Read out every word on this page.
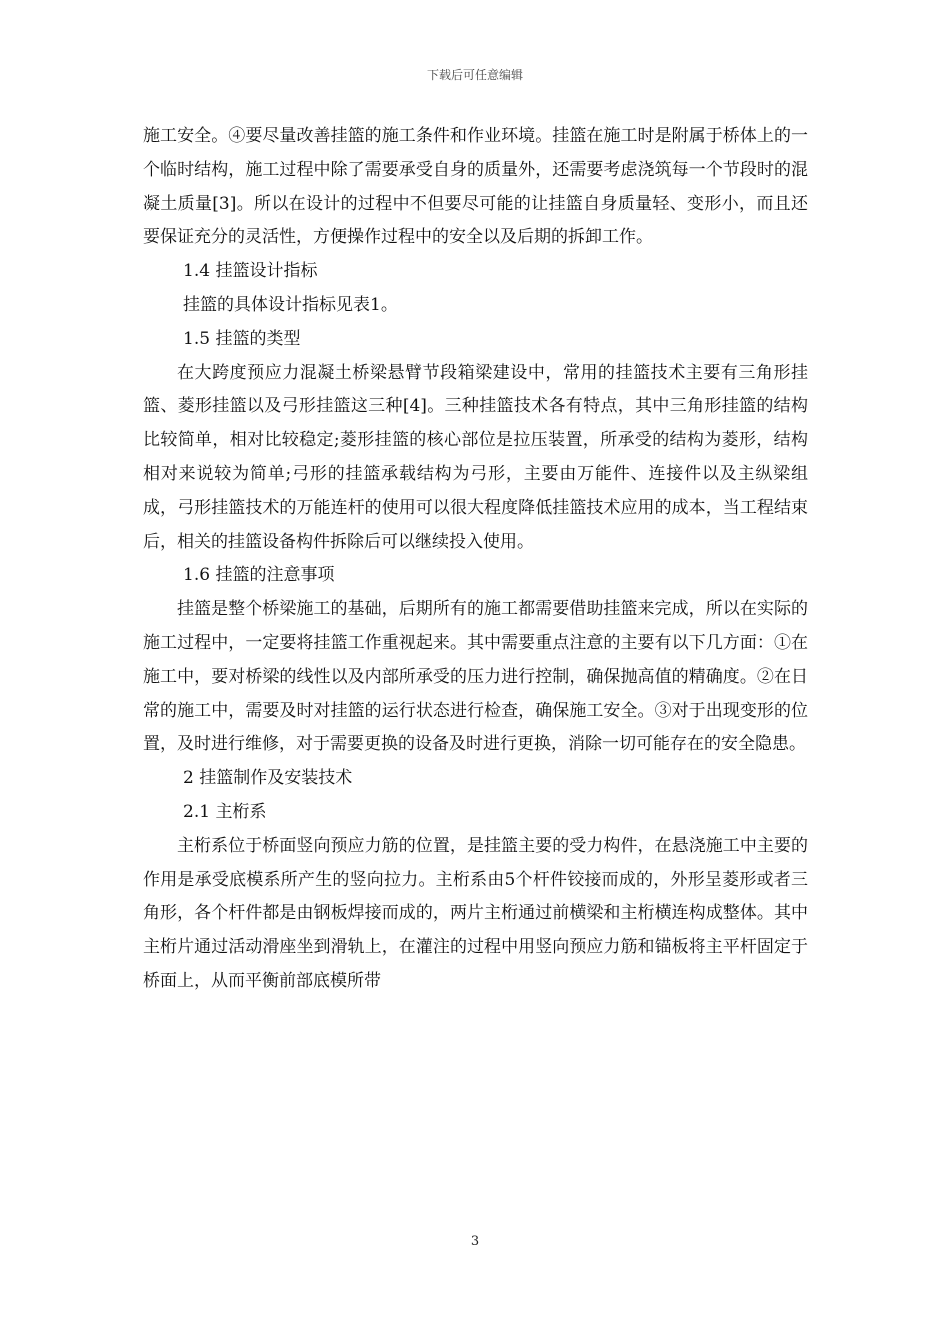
下载后可任意编辑

施工安全。④要尽量改善挂篮的施工条件和作业环境。挂篮在施工时是附属于桥体上的一个临时结构，施工过程中除了需要承受自身的质量外，还需要考虑浇筑每一个节段时的混凝土质量[3]。所以在设计的过程中不但要尽可能的让挂篮自身质量轻、变形小，而且还要保证充分的灵活性，方便操作过程中的安全以及后期的拆卸工作。

1.4 挂篮设计指标

挂篮的具体设计指标见表1。

1.5 挂篮的类型

在大跨度预应力混凝土桥梁悬臂节段箱梁建设中，常用的挂篮技术主要有三角形挂篮、菱形挂篮以及弓形挂篮这三种[4]。三种挂篮技术各有特点，其中三角形挂篮的结构比较简单，相对比较稳定;菱形挂篮的核心部位是拉压装置，所承受的结构为菱形，结构相对来说较为简单;弓形的挂篮承载结构为弓形，主要由万能件、连接件以及主纵梁组成，弓形挂篮技术的万能连杆的使用可以很大程度降低挂篮技术应用的成本，当工程结束后，相关的挂篮设备构件拆除后可以继续投入使用。

1.6 挂篮的注意事项

挂篮是整个桥梁施工的基础，后期所有的施工都需要借助挂篮来完成，所以在实际的施工过程中，一定要将挂篮工作重视起来。其中需要重点注意的主要有以下几方面：①在施工中，要对桥梁的线性以及内部所承受的压力进行控制，确保抛高值的精确度。②在日常的施工中，需要及时对挂篮的运行状态进行检查，确保施工安全。③对于出现变形的位置，及时进行维修，对于需要更换的设备及时进行更换，消除一切可能存在的安全隐患。

2 挂篮制作及安装技术

2.1 主桁系

主桁系位于桥面竖向预应力筋的位置，是挂篮主要的受力构件，在悬浇施工中主要的作用是承受底模系所产生的竖向拉力。主桁系由5个杆件铰接而成的，外形呈菱形或者三角形，各个杆件都是由钢板焊接而成的，两片主桁通过前横梁和主桁横连构成整体。其中主桁片通过活动滑座坐到滑轨上，在灌注的过程中用竖向预应力筋和锚板将主平杆固定于桥面上，从而平衡前部底模所带

3
